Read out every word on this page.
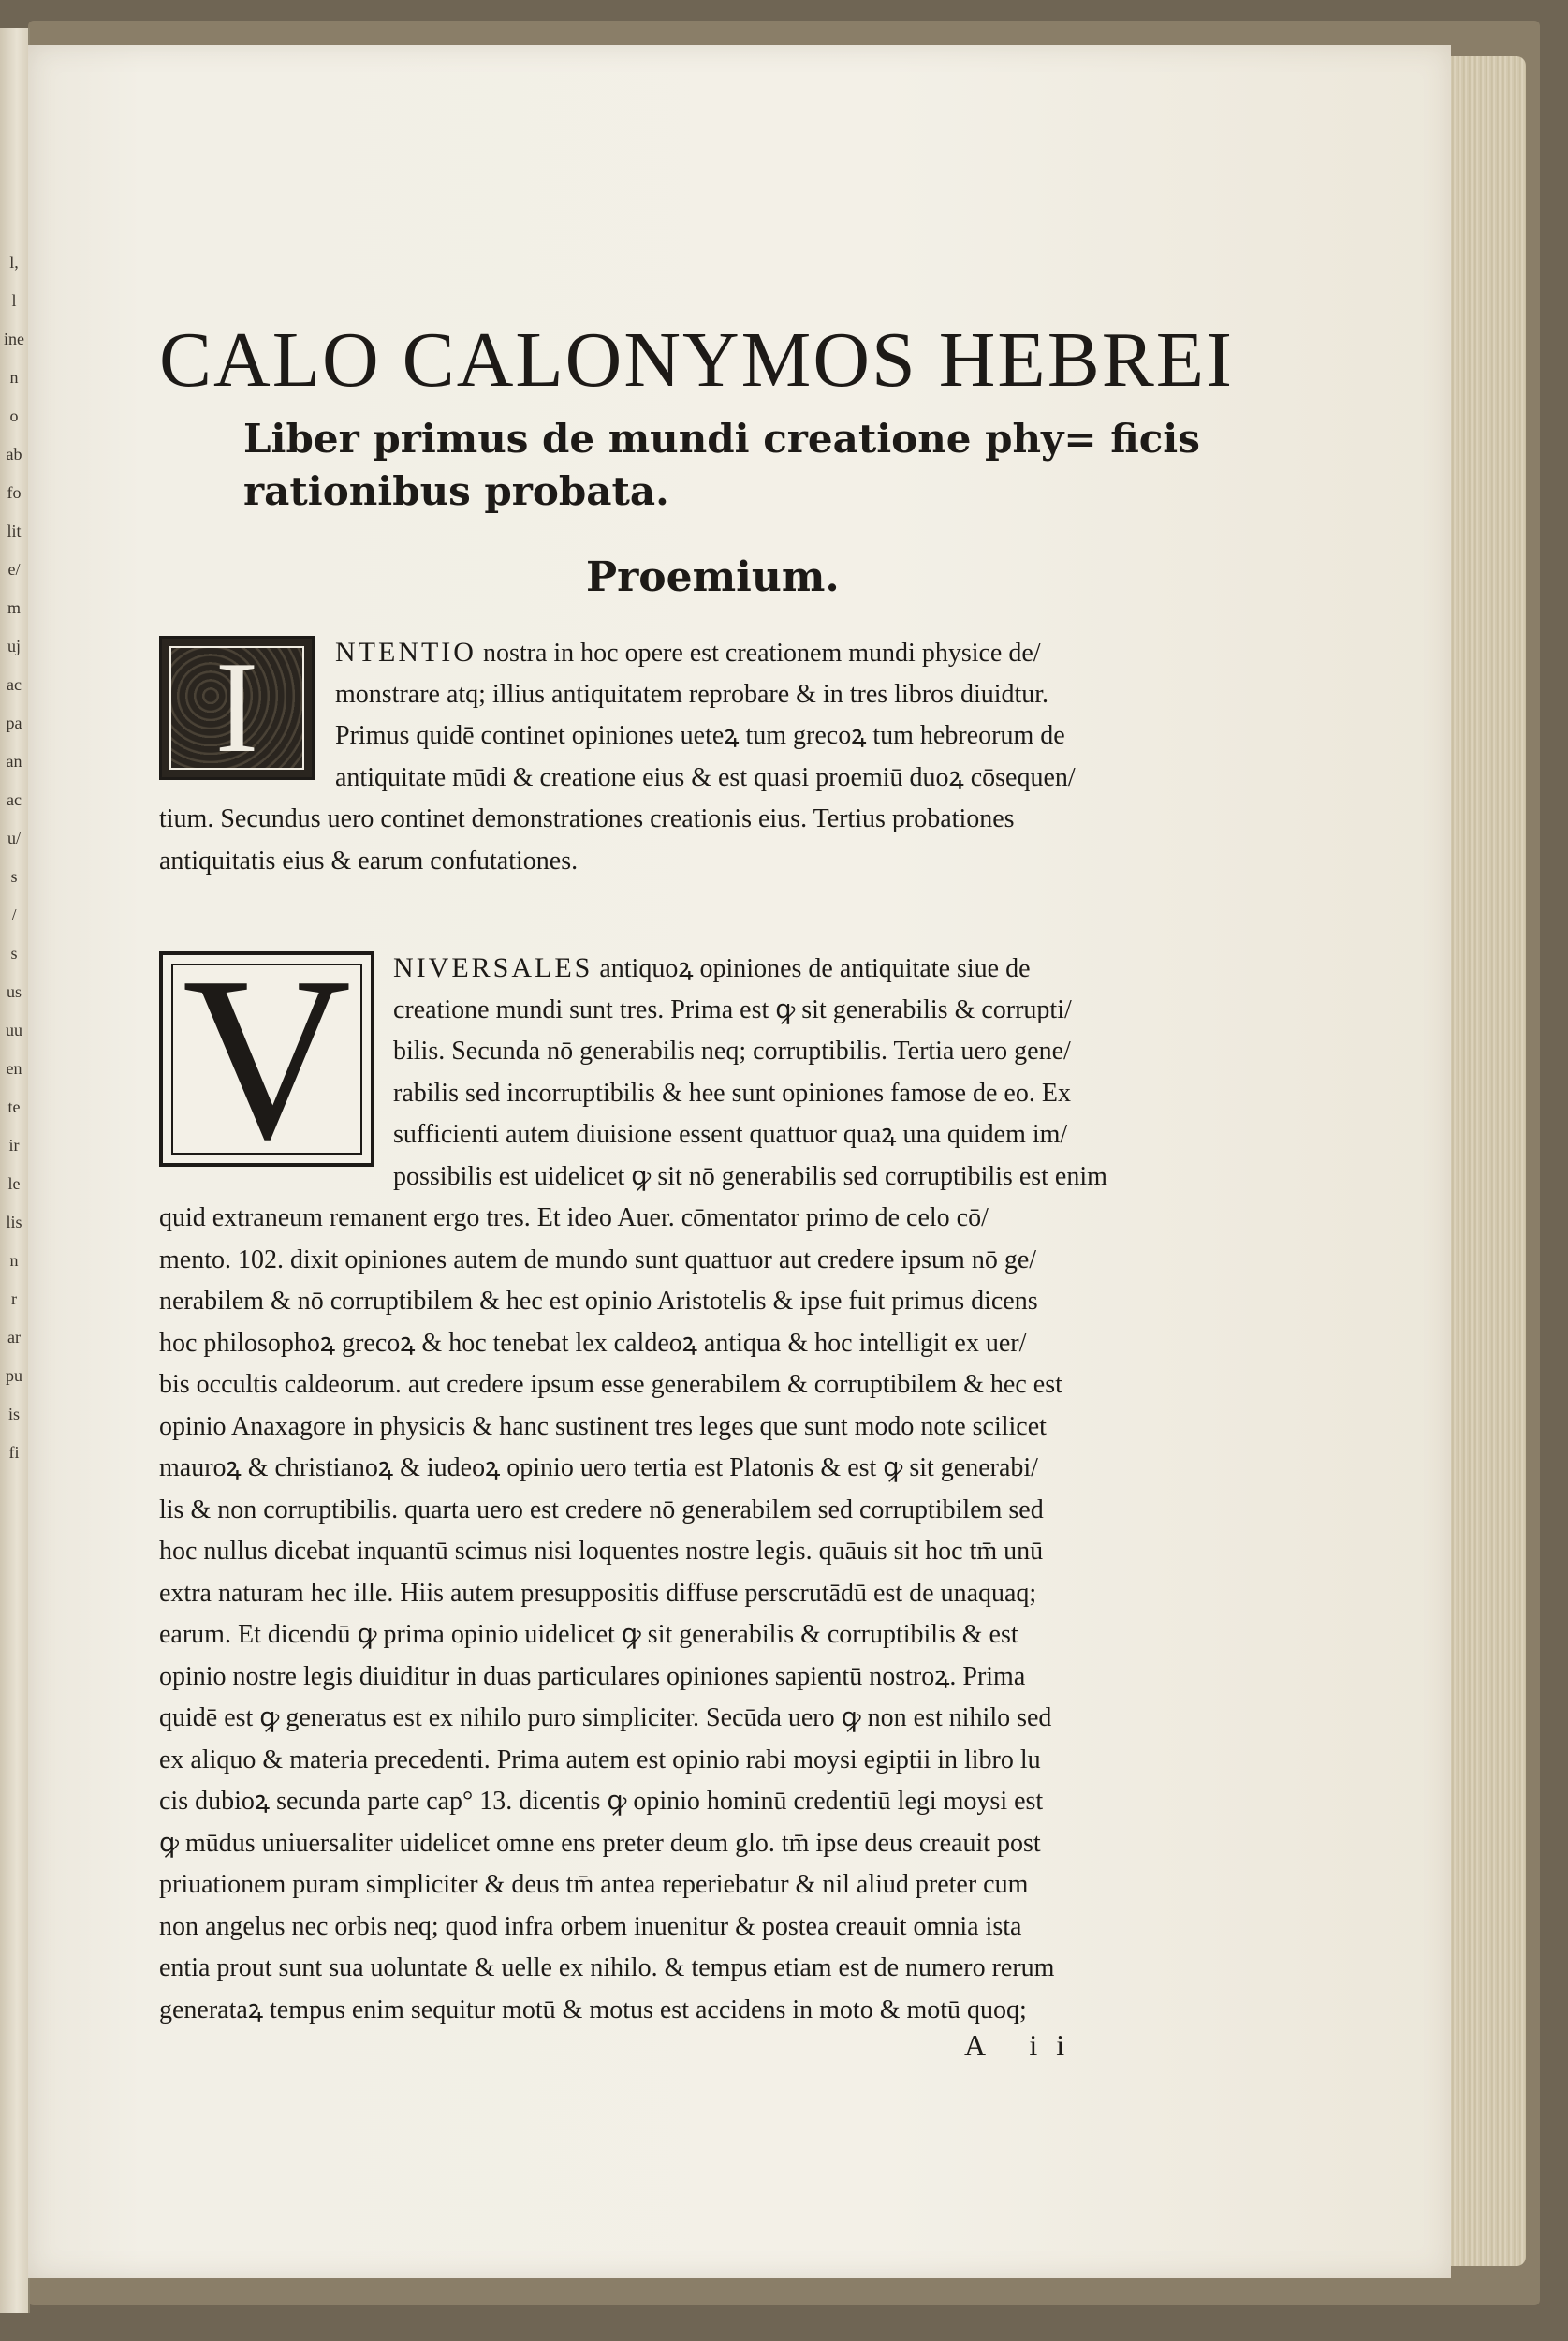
l,
l
ine
n
o
ab
fo
lit
e/
m
uj
ac
pa
an
ac
u/
s
/
s
us
uu
en
te
ir
le
lis
n
r
ar
pu
is
fi
CALO CALONYMOS HEBREI
Liber primus de mundi creatione phy= ficis rationibus probata.
Proemium.
I	NTENTIO nostra in hoc opere est creationem mundi physice de/
monstrare atq; illius antiquitatem reprobare & in tres libros diuidtur.
Primus quidē continet opiniones ueteꝝ tum grecoꝝ tum hebreorum de
antiquitate mūdi & creatione eius & est quasi proemiū duoꝝ cōsequen/
tium. Secundus uero continet demonstrationes creationis eius. Tertius probationes
antiquitatis eius & earum confutationes.
V	NIVERSALES antiquoꝝ opiniones de antiquitate siue de
creatione mundi sunt tres. Prima est ꝙ sit generabilis & corrupti/
bilis. Secunda nō generabilis neq; corruptibilis. Tertia uero gene/
rabilis sed incorruptibilis & hee sunt opiniones famose de eo. Ex
sufficienti autem diuisione essent quattuor quaꝝ una quidem im/
possibilis est uidelicet ꝙ sit nō generabilis sed corruptibilis est enim
quid extraneum remanent ergo tres. Et ideo Auer. cōmentator primo de celo cō/
mento. 102. dixit opiniones autem de mundo sunt quattuor aut credere ipsum nō ge/
nerabilem & nō corruptibilem & hec est opinio Aristotelis & ipse fuit primus dicens
hoc philosophoꝝ grecoꝝ & hoc tenebat lex caldeoꝝ antiqua & hoc intelligit ex uer/
bis occultis caldeorum. aut credere ipsum esse generabilem & corruptibilem & hec est
opinio Anaxagore in physicis & hanc sustinent tres leges que sunt modo note scilicet
mauroꝝ & christianoꝝ & iudeoꝝ opinio uero tertia est Platonis & est ꝙ sit generabi/
lis & non corruptibilis. quarta uero est credere nō generabilem sed corruptibilem sed
hoc nullus dicebat inquantū scimus nisi loquentes nostre legis. quāuis sit hoc tm̄ unū
extra naturam hec ille. Hiis autem presuppositis diffuse perscrutādū est de unaquaq;
earum. Et dicendū ꝙ prima opinio uidelicet ꝙ sit generabilis & corruptibilis & est
opinio nostre legis diuiditur in duas particulares opiniones sapientū nostroꝝ. Prima
quidē est ꝙ generatus est ex nihilo puro simpliciter. Secūda uero ꝙ non est nihilo sed
ex aliquo & materia precedenti. Prima autem est opinio rabi moysi egiptii in libro lu
cis dubioꝝ secunda parte cap° 13. dicentis ꝙ opinio hominū credentiū legi moysi est
ꝙ mūdus uniuersaliter uidelicet omne ens preter deum glo. tm̄ ipse deus creauit post
priuationem puram simpliciter & deus tm̄ antea reperiebatur & nil aliud preter cum
non angelus nec orbis neq; quod infra orbem inuenitur & postea creauit omnia ista
entia prout sunt sua uoluntate & uelle ex nihilo. & tempus etiam est de numero rerum
generataꝝ tempus enim sequitur motū & motus est accidens in moto & motū quoq;
A ii
